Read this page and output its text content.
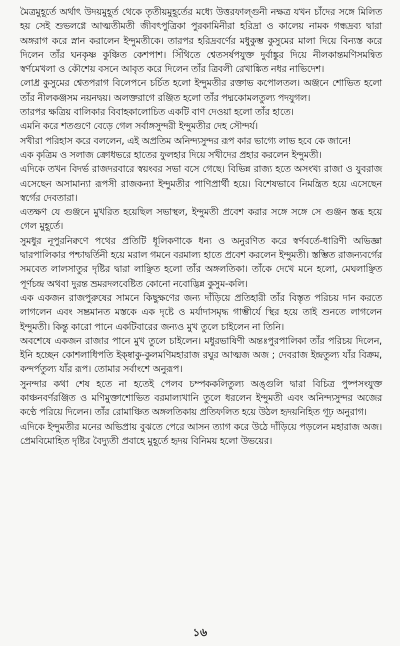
মৈত্রমুহূর্তে অর্থাৎ উদয়মুহূর্ত থেকে তৃতীয়মুহূর্তের মধ্যে উত্তরফাল্গুনী নক্ষত্র যখন চাঁদের সঙ্গে মিলিত হয় সেই শুভলগ্নে আত্মতীমতী জীবৎপুত্রিকা পুরকামিনীরা হরিদ্রা ও কালেয় নামক গন্ধদ্রব্য দ্বারা অঙ্গরাগ করে স্নান করালেন ইন্দুমতীকে। তারপর হরিদ্রবর্ণের মধুকুম্ভ কুসুমের মালা দিয়ে বিন্যস্ত করে দিলেন তাঁর ঘনকৃষ্ণ কুঞ্চিত কেশপাশ। সিঁথিতে শ্বেতসর্ষপযুক্ত দুর্বাঙ্কুর দিয়ে নীলকান্তমণিসমন্বিত স্বর্ণমেখলা ও কৌশেয় বসনে আবৃত করে দিলেন তাঁর ত্রিবলী রেখাঙ্কিত নধর নাভিদেশ।

লোধ্র কুসুমের শ্বেতপরাগ বিলেপনে চর্চিত হলো ইন্দুমতীর রক্তাভ কপোলতল। অঞ্জনে শোভিত হলো তাঁর নীলকঞ্জসম নয়নদ্বয়। অলক্তরাগে রঞ্জিত হলো তাঁর পদ্মকোমলতুল্য পদযুগল।

তারপর ক্ষত্রিয় বালিকার বিবাহকালোচিত একটি বাণ দেওয়া হলো তাঁর হাতে।

এমনি করে শতগুণে বেড়ে গেল সর্বাঙ্গসুন্দরী ইন্দুমতীর দেহ সৌন্দর্য।

সখীরা পরিহাস করে বললেন, এই অপ্রতিম অনিন্দ্যসুন্দর রূপ কার ভাগ্যে লাভ হবে কে জানে!

এক কৃত্রিম ও সলাজ ক্রোধভরে হাতের ফুলহার দিয়ে সখীদের প্রহার করলেন ইন্দুমতী।

এদিকে তখন বিদর্ভ রাজদরবারে স্বয়ংবর সভা বসে গেছে। বিভিন্ন রাজ্য হতে অসংখ্য রাজা ও যুবরাজ এসেছেন অসামান্যা রূপসী রাজকন্যা ইন্দুমতীর পাণিপ্রার্থী হয়ে। বিশেষভাবে নিমন্ত্রিত হয়ে এসেছেন স্বর্গের দেবতারা।

এতক্ষণ যে গুঞ্জনে মুখরিত হয়েছিল সভাস্থল, ইন্দুমতী প্রবেশ করার সঙ্গে সঙ্গে সে গুঞ্জন স্তব্ধ হয়ে গেল মুহূর্তে।

সুমধুর নূপুরনিক্বণে পথের প্রতিটি ধূলিকণাকে ধন্য ও অনুরণিত করে স্বর্ণবর্তে-ধারিণী অভিজ্ঞা দ্বারপালিকার পশ্চাদ্বর্তিনী হয়ে মরাল গমনে বরমাল্য হাতে প্রবেশ করলেন ইন্দুমতী। স্তম্ভিত রাজন্যবর্গের সমবেত লালসাতুর দৃষ্টির দ্বারা লাঞ্ছিত হলো তাঁর অঙ্গলতিকা। তাঁকে দেখে মনে হলো, মেঘলাঞ্ছিত পূর্ণচন্দ্র অথবা দুরন্ত ভ্রমরদলবেষ্টিত কোনো নবোদ্ভিন্ন কুসুম-কলি।

এক একজন রাজপুরুষের সামনে কিছুক্ষণের জন্য দাঁড়িয়ে প্রতিহারী তাঁর বিস্তৃত পরিচয় দান করতে লাগলেন এবং সম্ভ্রমানত মস্তকে এক দৃষ্টে ও মর্যাদাসমৃদ্ধ গাম্ভীর্যে স্থির হয়ে তাই শুনতে লাগলেন ইন্দুমতী। কিন্তু কারো পানে একটিবারের জন্যও মুখ তুলে চাইলেন না তিনি।

অবশেষে একজন রাজার পানে মুখ তুলে চাইলেন। মধুরভাষিণী অন্তঃপুরপালিকা তাঁর পরিচয় দিলেন, ইনি হচ্ছেন কোশলাধিপতি ইক্ষ্বাকু-কুলমণিমহারাজ রঘুর আত্মজ অজ ; দেবরাজ ইন্দ্রতুল্য যাঁর বিক্রম, কন্দর্পতুল্য যাঁর রূপ। তোমার সর্বাংশে অনুরূপ।

সুনন্দার কথা শেষ হতে না হতেই পেলব চম্পককলিতুল্য অঙ্গুলি দ্বারা বিচিত্র পুষ্পসংযুক্ত কাঞ্চনবর্ণরঞ্জিত ও মণিমুক্তাশোভিত বরমাল্যখানি তুলে ধরলেন ইন্দুমতী এবং অনিন্দ্যসুন্দর অজের কণ্ঠে পরিয়ে দিলেন। তাঁর রোমাঞ্চিত অঙ্গলতিকায় প্রতিফলিত হয়ে উঠল হৃদয়নিহিত গূঢ় অনুরাগ।

এদিকে ইন্দুমতীর মনের অভিপ্রায় বুঝতে পেরে আসন ত্যাগ করে উঠে দাঁড়িয়ে পড়লেন মহারাজ অজ। প্রেমবিমোহিত দৃষ্টির বৈদ্যুতী প্রবাহে মুহূর্তে হৃদয় বিনিময় হলো উভয়ের।

১৬
